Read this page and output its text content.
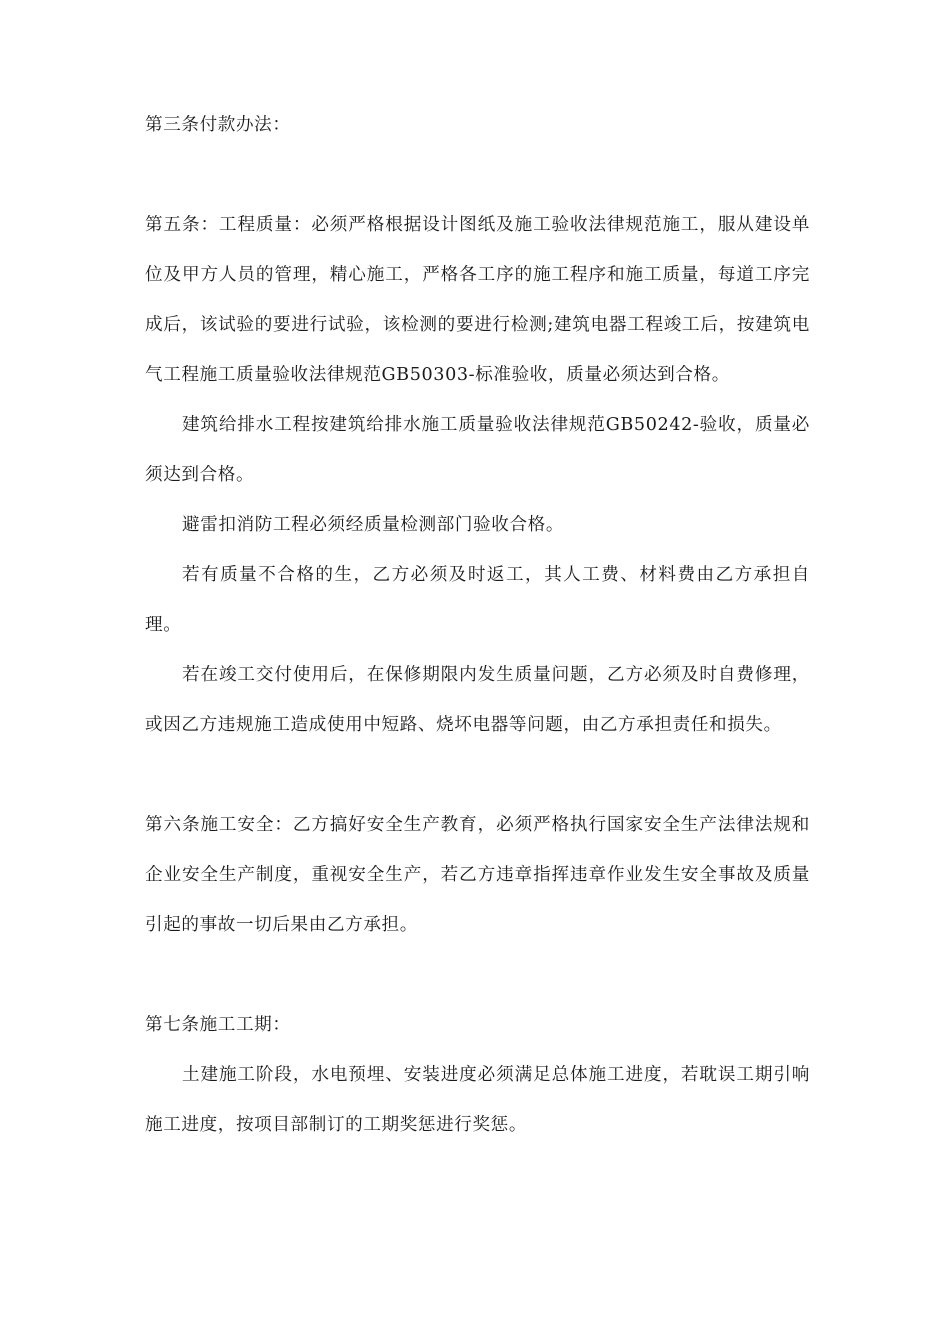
第三条付款办法：

第五条：工程质量：必须严格根据设计图纸及施工验收法律规范施工，服从建设单位及甲方人员的管理，精心施工，严格各工序的施工程序和施工质量，每道工序完成后，该试验的要进行试验，该检测的要进行检测;建筑电器工程竣工后，按建筑电气工程施工质量验收法律规范GB50303-标准验收，质量必须达到合格。

建筑给排水工程按建筑给排水施工质量验收法律规范GB50242-验收，质量必须达到合格。

避雷扣消防工程必须经质量检测部门验收合格。

若有质量不合格的生，乙方必须及时返工，其人工费、材料费由乙方承担自理。

若在竣工交付使用后，在保修期限内发生质量问题，乙方必须及时自费修理，或因乙方违规施工造成使用中短路、烧坏电器等问题，由乙方承担责任和损失。

第六条施工安全：乙方搞好安全生产教育，必须严格执行国家安全生产法律法规和企业安全生产制度，重视安全生产，若乙方违章指挥违章作业发生安全事故及质量引起的事故一切后果由乙方承担。

第七条施工工期：

土建施工阶段，水电预埋、安装进度必须满足总体施工进度，若耽误工期引响施工进度，按项目部制订的工期奖惩进行奖惩。
